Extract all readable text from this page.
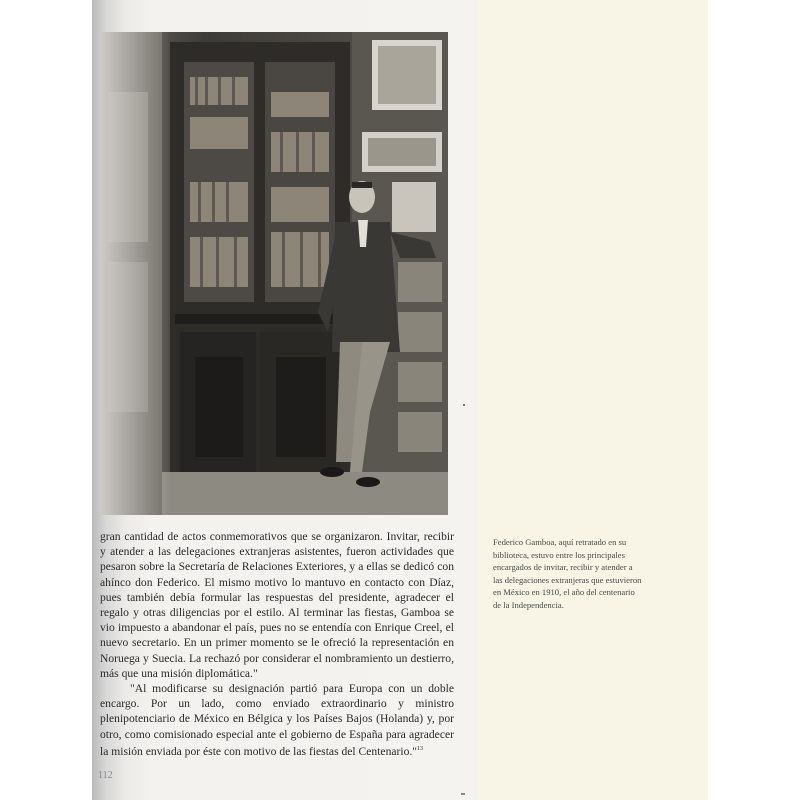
gran cantidad de actos conmemorativos que se organizaron. Invitar, recibir y atender a las delegaciones extranjeras asistentes, fueron actividades que pesaron sobre la Secretaría de Relaciones Exteriores, y a ellas se dedicó con ahínco don Federico. El mismo motivo lo mantuvo en contacto con Díaz, pues también debía formular las respuestas del presidente, agradecer el regalo y otras diligencias por el estilo. Al terminar las fiestas, Gamboa se vio impuesto a abandonar el país, pues no se entendía con Enrique Creel, el nuevo secretario. En un primer momento se le ofreció la representación en Noruega y Suecia. La rechazó por considerar el nombramiento un destierro, más que una misión diplomática."

"Al modificarse su designación partió para Europa con un doble encargo. Por un lado, como enviado extraordinario y ministro plenipotenciario de México en Bélgica y los Países Bajos (Holanda) y, por otro, como comisionado especial ante el gobierno de España para agradecer la misión enviada por éste con motivo de las fiestas del Centenario."$^{13}$

112
Federico Gamboa, aquí retratado en su biblioteca, estuvo entre los principales encargados de invitar, recibir y atender a las delegaciones extranjeras que estuvieron en México en 1910, el año del centenario de la Independencia.
